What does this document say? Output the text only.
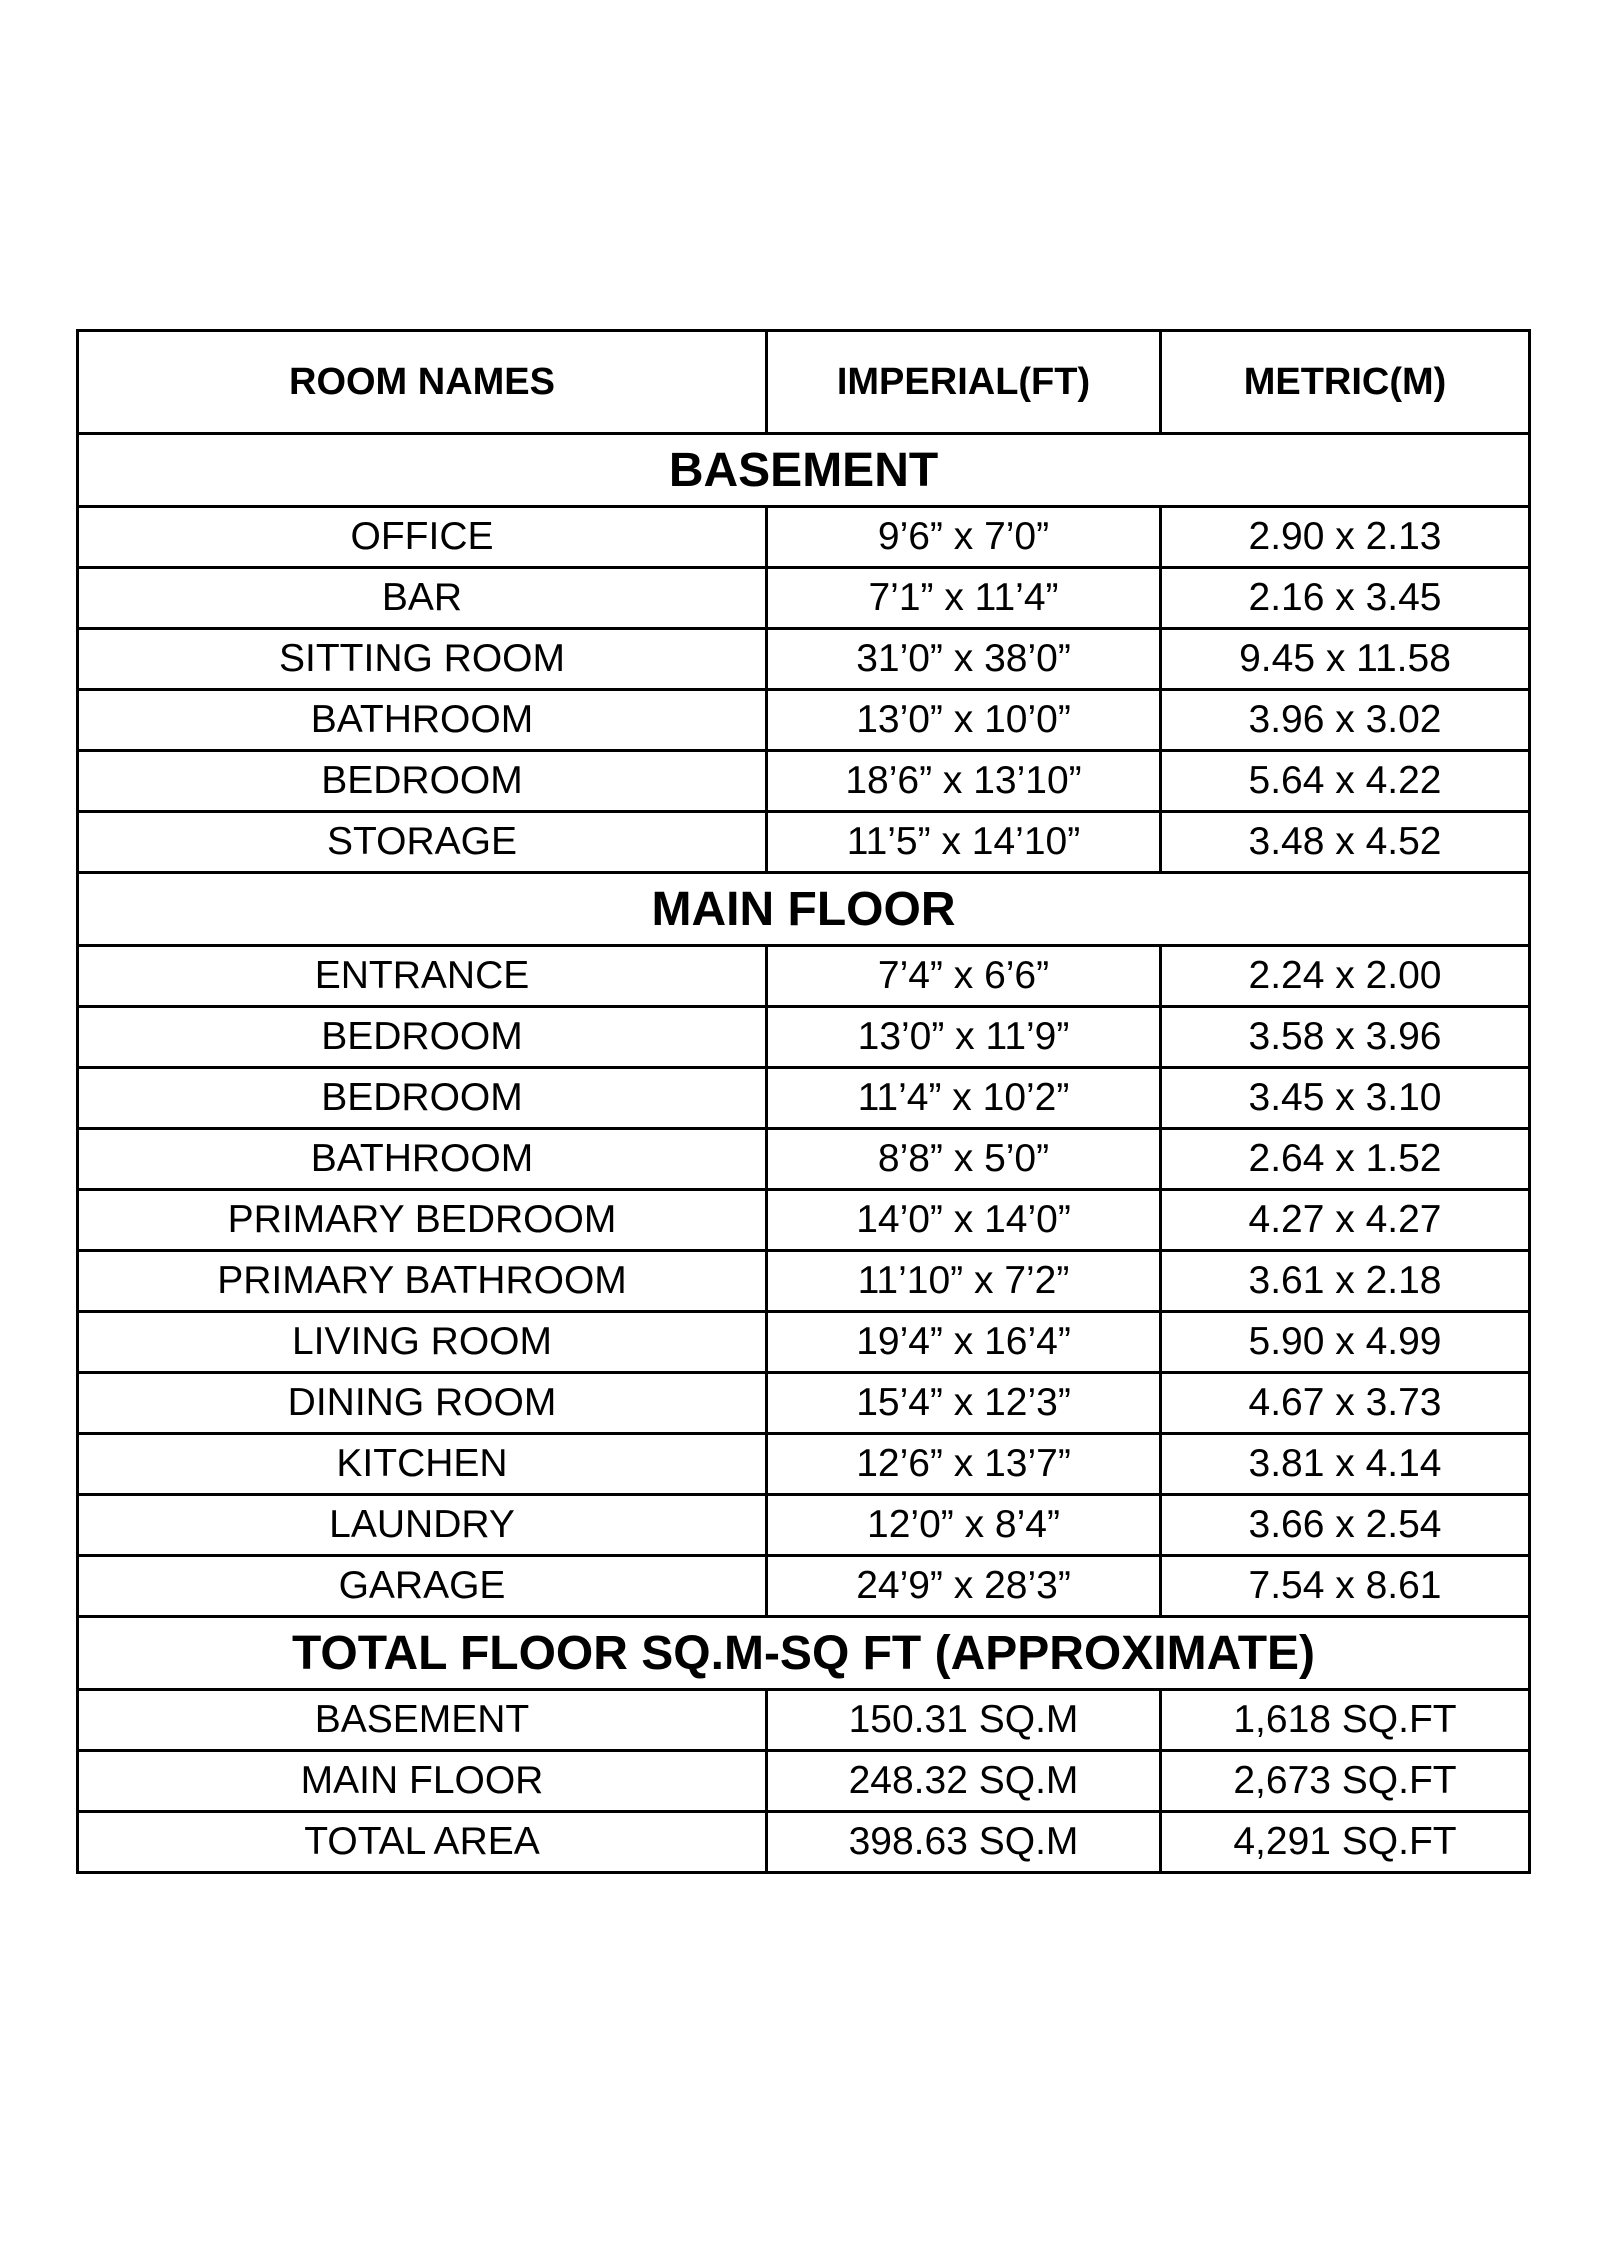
ROOM NAMES	IMPERIAL(FT)	METRIC(M)
BASEMENT		
OFFICE	9’6” x 7’0”	2.90 x 2.13
BAR	7’1” x 11’4”	2.16 x 3.45
SITTING ROOM	31’0” x 38’0”	9.45 x 11.58
BATHROOM	13’0” x 10’0”	3.96 x 3.02
BEDROOM	18’6” x 13’10”	5.64 x 4.22
STORAGE	11’5” x 14’10”	3.48 x 4.52
MAIN FLOOR		
ENTRANCE	7’4” x 6’6”	2.24 x 2.00
BEDROOM	13’0” x 11’9”	3.58 x 3.96
BEDROOM	11’4” x 10’2”	3.45 x 3.10
BATHROOM	8’8” x 5’0”	2.64 x 1.52
PRIMARY BEDROOM	14’0” x 14’0”	4.27 x 4.27
PRIMARY BATHROOM	11’10” x 7’2”	3.61 x 2.18
LIVING ROOM	19’4” x 16’4”	5.90 x 4.99
DINING ROOM	15’4” x 12’3”	4.67 x 3.73
KITCHEN	12’6” x 13’7”	3.81 x 4.14
LAUNDRY	12’0” x 8’4”	3.66 x 2.54
GARAGE	24’9” x 28’3”	7.54 x 8.61
TOTAL FLOOR SQ.M-SQ FT (APPROXIMATE)		
BASEMENT	150.31 SQ.M	1,618 SQ.FT
MAIN FLOOR	248.32 SQ.M	2,673 SQ.FT
TOTAL AREA	398.63 SQ.M	4,291 SQ.FT
